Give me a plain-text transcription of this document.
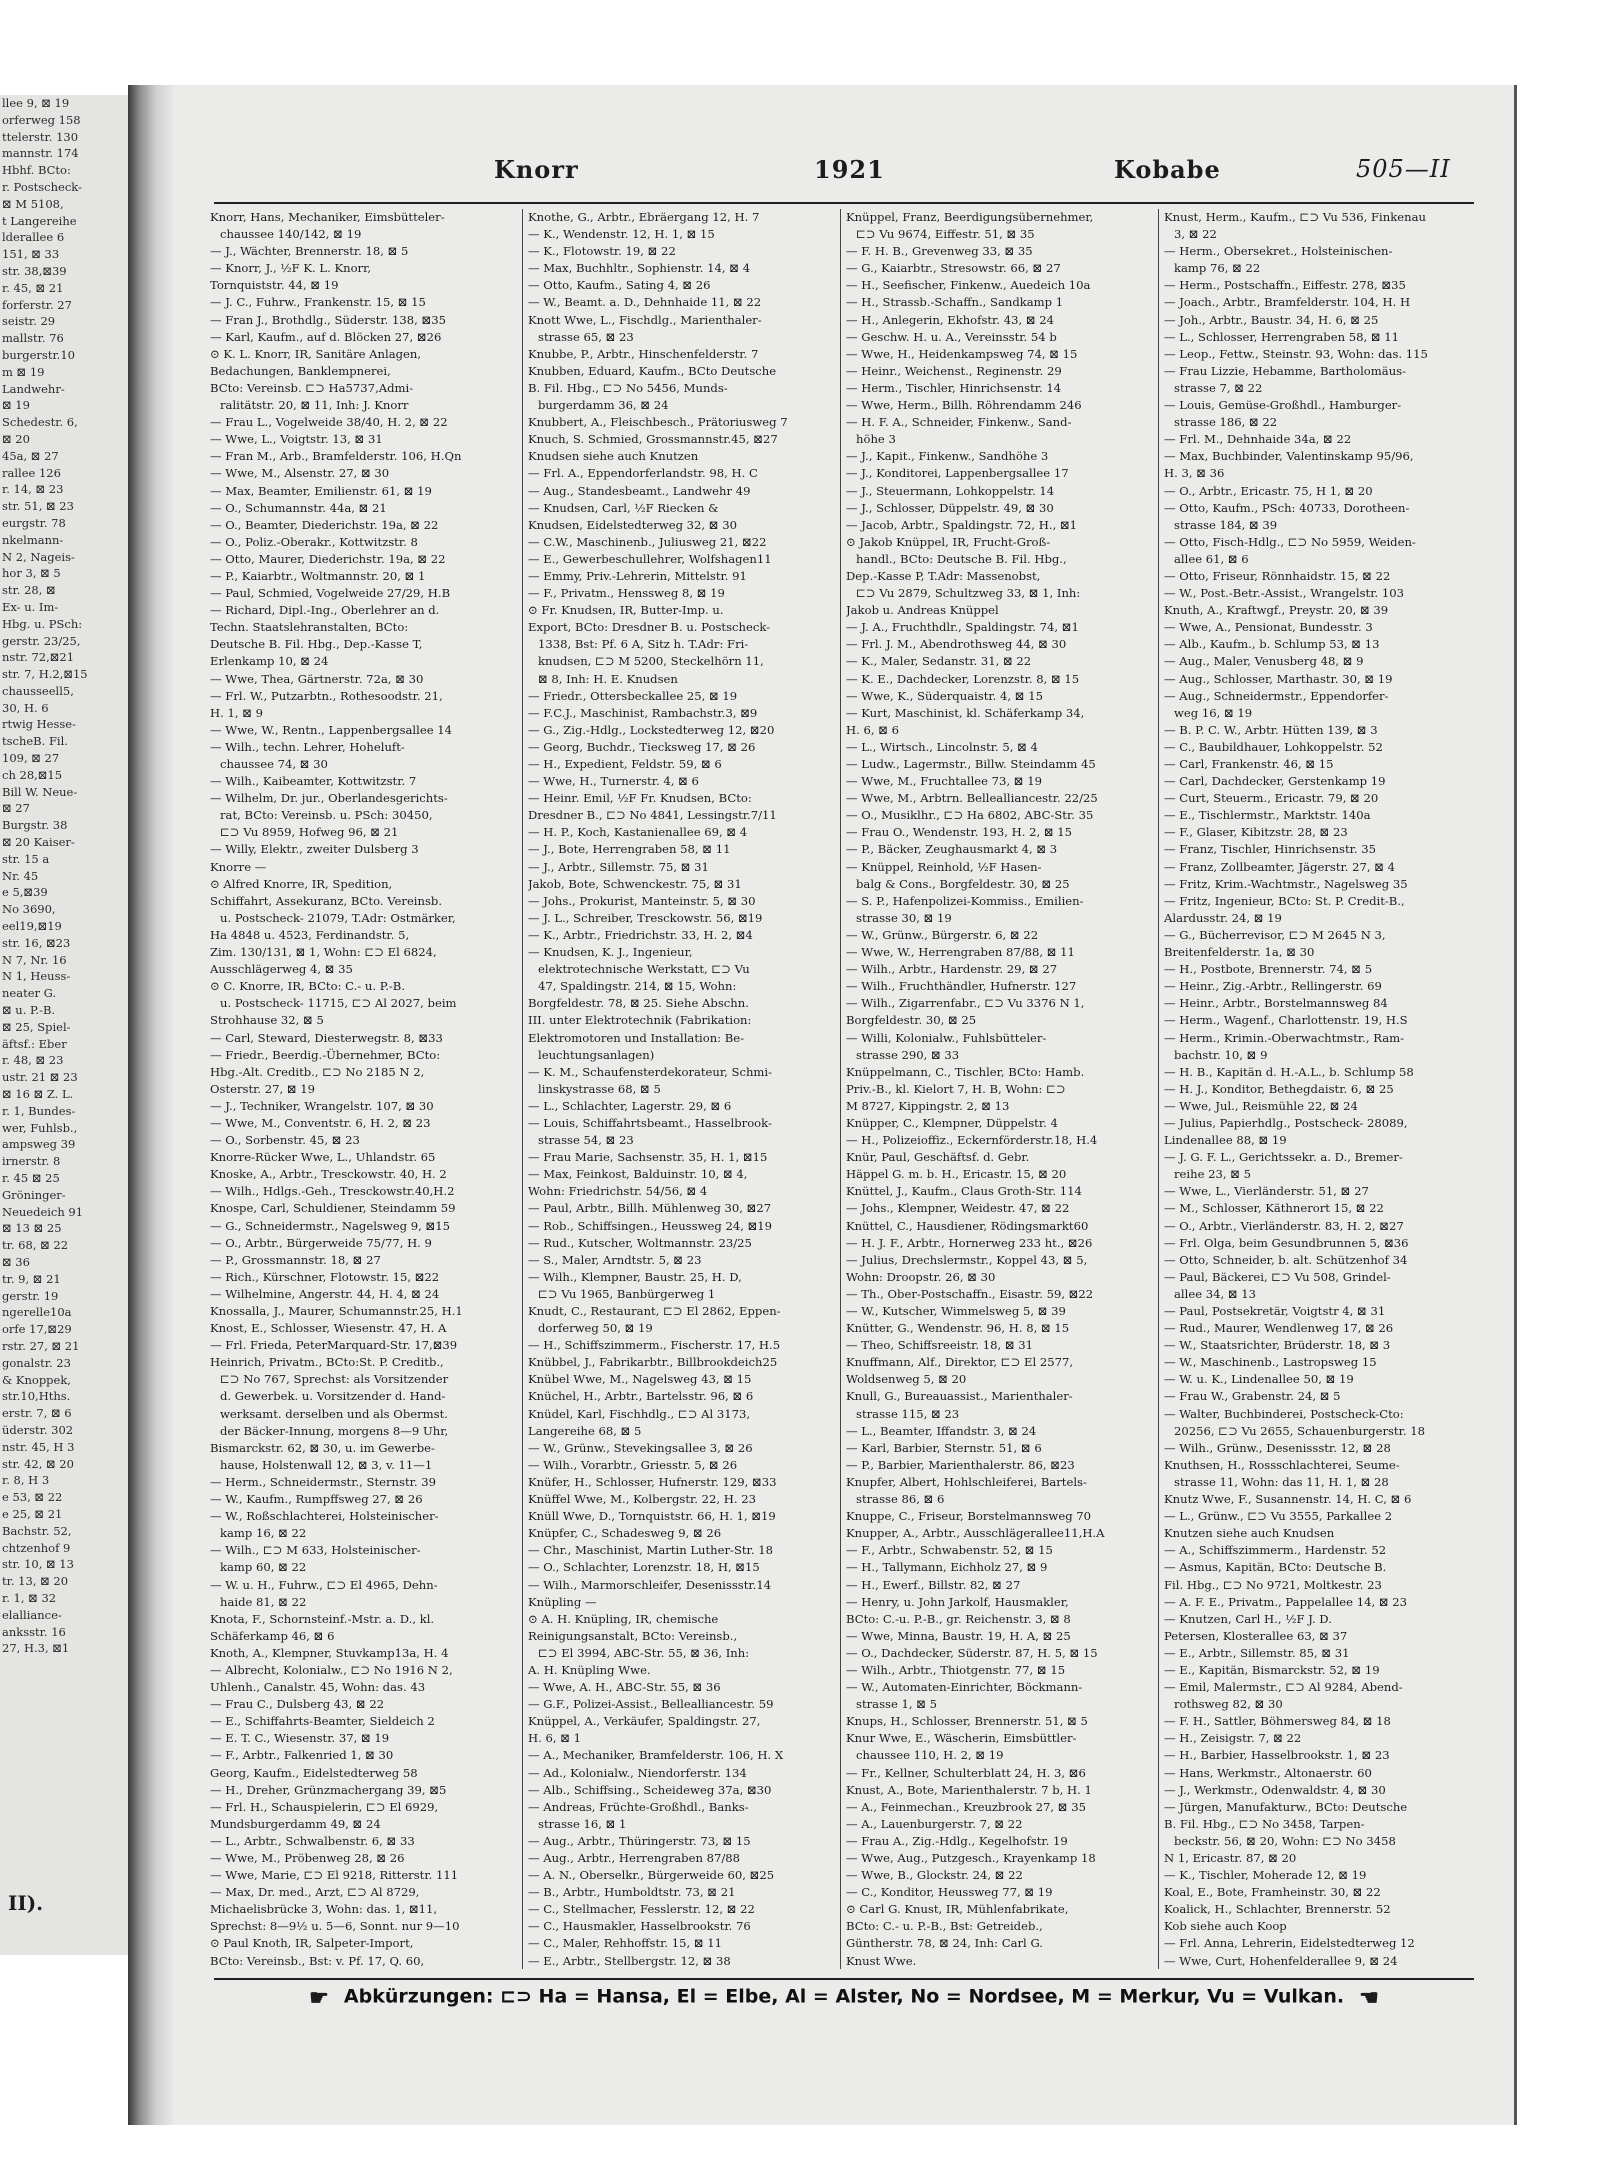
llee 9, ⊠ 19
orferweg 158
ttelerstr. 130
mannstr. 174
Hbhf. BCto:
r. Postscheck-
⊠ M 5108,
t Langereihe
lderallee 6
151, ⊠ 33
str. 38,⊠39
r. 45, ⊠ 21
forferstr. 27
seistr. 29
mallstr. 76
burgerstr.10
m ⊠ 19
Landwehr-
⊠ 19
Schedestr. 6,
⊠ 20
45a, ⊠ 27
rallee 126
r. 14, ⊠ 23
str. 51, ⊠ 23
eurgstr. 78
nkelmann-
N 2, Nageis-
hor 3, ⊠ 5
str. 28, ⊠
Ex- u. Im-
Hbg. u. PSch:
gerstr. 23/25,
nstr. 72,⊠21
str. 7, H.2,⊠15
chausseell5,
30, H. 6
rtwig Hesse-
tscheB. Fil.
109, ⊠ 27
ch 28,⊠15
Bill W. Neue-
⊠ 27
Burgstr. 38
⊠ 20 Kaiser-
str. 15 a
Nr. 45
e 5,⊠39
No 3690,
eel19,⊠19
str. 16, ⊠23
N 7, Nr. 16
N 1, Heuss-
neater G.
⊠ u. P.-B.
⊠ 25, Spiel-
äftsf.: Eber
r. 48, ⊠ 23
ustr. 21 ⊠ 23
⊠ 16 ⊠ Z. L.
r. 1, Bundes-
wer, Fuhlsb.,
ampsweg 39
irnerstr. 8
r. 45 ⊠ 25
Gröninger-
Neuedeich 91
⊠ 13 ⊠ 25
tr. 68, ⊠ 22
⊠ 36
tr. 9, ⊠ 21
gerstr. 19
ngerelle10a
orfe 17,⊠29
rstr. 27, ⊠ 21
gonalstr. 23
& Knoppek,
str.10,Hths.
erstr. 7, ⊠ 6
üderstr. 302
nstr. 45, H 3
str. 42, ⊠ 20
r. 8, H 3
e 53, ⊠ 22
e 25, ⊠ 21
Bachstr. 52,
chtzenhof 9
str. 10, ⊠ 13
tr. 13, ⊠ 20
r. 1, ⊠ 32
elalliance-
anksstr. 16
27, H.3, ⊠1
II).
Knorr	1921	Kobabe	505—II
Knorr, Hans, Mechaniker, Eimsbütteler-
chaussee 140/142, ⊠ 19
— J., Wächter, Brennerstr. 18, ⊠ 5
— Knorr, J., ½F K. L. Knorr,
Tornquiststr. 44, ⊠ 19
— J. C., Fuhrw., Frankenstr. 15, ⊠ 15
— Fran J., Brothdlg., Süderstr. 138, ⊠35
— Karl, Kaufm., auf d. Blöcken 27, ⊠26
⊙ K. L. Knorr, IR, Sanitäre Anlagen,
Bedachungen, Banklempnerei,
BCto: Vereinsb. ⊏⊃ Ha5737,Admi-
ralitätstr. 20, ⊠ 11, Inh: J. Knorr
— Frau L., Vogelweide 38/40, H. 2, ⊠ 22
— Wwe, L., Voigtstr. 13, ⊠ 31
— Fran M., Arb., Bramfelderstr. 106, H.Qn
— Wwe, M., Alsenstr. 27, ⊠ 30
— Max, Beamter, Emilienstr. 61, ⊠ 19
— O., Schumannstr. 44a, ⊠ 21
— O., Beamter, Diederichstr. 19a, ⊠ 22
— O., Poliz.-Oberakr., Kottwitzstr. 8
— Otto, Maurer, Diederichstr. 19a, ⊠ 22
— P., Kaiarbtr., Woltmannstr. 20, ⊠ 1
— Paul, Schmied, Vogelweide 27/29, H.B
— Richard, Dipl.-Ing., Oberlehrer an d.
Techn. Staatslehranstalten, BCto:
Deutsche B. Fil. Hbg., Dep.-Kasse T,
Erlenkamp 10, ⊠ 24
— Wwe, Thea, Gärtnerstr. 72a, ⊠ 30
— Frl. W., Putzarbtn., Rothesoodstr. 21,
H. 1, ⊠ 9
— Wwe, W., Rentn., Lappenbergsallee 14
— Wilh., techn. Lehrer, Hoheluft-
chaussee 74, ⊠ 30
— Wilh., Kaibeamter, Kottwitzstr. 7
— Wilhelm, Dr. jur., Oberlandesgerichts-
rat, BCto: Vereinsb. u. PSch: 30450,
⊏⊃ Vu 8959, Hofweg 96, ⊠ 21
— Willy, Elektr., zweiter Dulsberg 3
Knorre —
⊙ Alfred Knorre, IR, Spedition,
Schiffahrt, Assekuranz, BCto. Vereinsb.
u. Postscheck- 21079, T.Adr: Ostmärker,
Ha 4848 u. 4523, Ferdinandstr. 5,
Zim. 130/131, ⊠ 1, Wohn: ⊏⊃ El 6824,
Ausschlägerweg 4, ⊠ 35
⊙ C. Knorre, IR, BCto: C.- u. P.-B.
u. Postscheck- 11715, ⊏⊃ Al 2027, beim
Strohhause 32, ⊠ 5
— Carl, Steward, Diesterwegstr. 8, ⊠33
— Friedr., Beerdig.-Übernehmer, BCto:
Hbg.-Alt. Creditb., ⊏⊃ No 2185 N 2,
Osterstr. 27, ⊠ 19
— J., Techniker, Wrangelstr. 107, ⊠ 30
— Wwe, M., Conventstr. 6, H. 2, ⊠ 23
— O., Sorbenstr. 45, ⊠ 23
Knorre-Rücker Wwe, L., Uhlandstr. 65
Knoske, A., Arbtr., Tresckowstr. 40, H. 2
— Wilh., Hdlgs.-Geh., Tresckowstr.40,H.2
Knospe, Carl, Schuldiener, Steindamm 59
— G., Schneidermstr., Nagelsweg 9, ⊠15
— O., Arbtr., Bürgerweide 75/77, H. 9
— P., Grossmannstr. 18, ⊠ 27
— Rich., Kürschner, Flotowstr. 15, ⊠22
— Wilhelmine, Angerstr. 44, H. 4, ⊠ 24
Knossalla, J., Maurer, Schumannstr.25, H.1
Knost, E., Schlosser, Wiesenstr. 47, H. A
— Frl. Frieda, PeterMarquard-Str. 17,⊠39
Heinrich, Privatm., BCto:St. P. Creditb.,
⊏⊃ No 767, Sprechst: als Vorsitzender
d. Gewerbek. u. Vorsitzender d. Hand-
werksamt. derselben und als Obermst.
der Bäcker-Innung, morgens 8—9 Uhr,
Bismarckstr. 62, ⊠ 30, u. im Gewerbe-
hause, Holstenwall 12, ⊠ 3, v. 11—1
— Herm., Schneidermstr., Sternstr. 39
— W., Kaufm., Rumpffsweg 27, ⊠ 26
— W., Roßschlachterei, Holsteinischer-
kamp 16, ⊠ 22
— Wilh., ⊏⊃ M 633, Holsteinischer-
kamp 60, ⊠ 22
— W. u. H., Fuhrw., ⊏⊃ El 4965, Dehn-
haide 81, ⊠ 22
Knota, F., Schornsteinf.-Mstr. a. D., kl.
Schäferkamp 46, ⊠ 6
Knoth, A., Klempner, Stuvkamp13a, H. 4
— Albrecht, Kolonialw., ⊏⊃ No 1916 N 2,
Uhlenh., Canalstr. 45, Wohn: das. 43
— Frau C., Dulsberg 43, ⊠ 22
— E., Schiffahrts-Beamter, Sieldeich 2
— E. T. C., Wiesenstr. 37, ⊠ 19
— F., Arbtr., Falkenried 1, ⊠ 30
Georg, Kaufm., Eidelstedterweg 58
— H., Dreher, Grünzmachergang 39, ⊠5
— Frl. H., Schauspielerin, ⊏⊃ El 6929,
Mundsburgerdamm 49, ⊠ 24
— L., Arbtr., Schwalbenstr. 6, ⊠ 33
— Wwe, M., Pröbenweg 28, ⊠ 26
— Wwe, Marie, ⊏⊃ El 9218, Ritterstr. 111
— Max, Dr. med., Arzt, ⊏⊃ Al 8729,
Michaelisbrücke 3, Wohn: das. 1, ⊠11,
Sprechst: 8—9½ u. 5—6, Sonnt. nur 9—10
⊙ Paul Knoth, IR, Salpeter-Import,
BCto: Vereinsb., Bst: v. Pf. 17, Q. 60,
Knothe, G., Arbtr., Ebräergang 12, H. 7
— K., Wendenstr. 12, H. 1, ⊠ 15
— K., Flotowstr. 19, ⊠ 22
— Max, Buchhltr., Sophienstr. 14, ⊠ 4
— Otto, Kaufm., Sating 4, ⊠ 26
— W., Beamt. a. D., Dehnhaide 11, ⊠ 22
Knott Wwe, L., Fischdlg., Marienthaler-
strasse 65, ⊠ 23
Knubbe, P., Arbtr., Hinschenfelderstr. 7
Knubben, Eduard, Kaufm., BCto Deutsche
B. Fil. Hbg., ⊏⊃ No 5456, Munds-
burgerdamm 36, ⊠ 24
Knubbert, A., Fleischbesch., Prätoriusweg 7
Knuch, S. Schmied, Grossmannstr.45, ⊠27
Knudsen siehe auch Knutzen
— Frl. A., Eppendorferlandstr. 98, H. C
— Aug., Standesbeamt., Landwehr 49
— Knudsen, Carl, ½F Riecken &
Knudsen, Eidelstedterweg 32, ⊠ 30
— C.W., Maschinenb., Juliusweg 21, ⊠22
— E., Gewerbeschullehrer, Wolfshagen11
— Emmy, Priv.-Lehrerin, Mittelstr. 91
— F., Privatm., Henssweg 8, ⊠ 19
⊙ Fr. Knudsen, IR, Butter-Imp. u.
Export, BCto: Dresdner B. u. Postscheck-
1338, Bst: Pf. 6 A, Sitz h. T.Adr: Fri-
knudsen, ⊏⊃ M 5200, Steckelhörn 11,
⊠ 8, Inh: H. E. Knudsen
— Friedr., Ottersbeckallee 25, ⊠ 19
— F.C.J., Maschinist, Rambachstr.3, ⊠9
— G., Zig.-Hdlg., Lockstedterweg 12, ⊠20
— Georg, Buchdr., Tiecksweg 17, ⊠ 26
— H., Expedient, Feldstr. 59, ⊠ 6
— Wwe, H., Turnerstr. 4, ⊠ 6
— Heinr. Emil, ½F Fr. Knudsen, BCto:
Dresdner B., ⊏⊃ No 4841, Lessingstr.7/11
— H. P., Koch, Kastanienallee 69, ⊠ 4
— J., Bote, Herrengraben 58, ⊠ 11
— J., Arbtr., Sillemstr. 75, ⊠ 31
Jakob, Bote, Schwenckestr. 75, ⊠ 31
— Johs., Prokurist, Manteinstr. 5, ⊠ 30
— J. L., Schreiber, Tresckowstr. 56, ⊠19
— K., Arbtr., Friedrichstr. 33, H. 2, ⊠4
— Knudsen, K. J., Ingenieur,
elektrotechnische Werkstatt, ⊏⊃ Vu
47, Spaldingstr. 214, ⊠ 15, Wohn:
Borgfeldestr. 78, ⊠ 25. Siehe Abschn.
III. unter Elektrotechnik (Fabrikation:
Elektromotoren und Installation: Be-
leuchtungsanlagen)
— K. M., Schaufensterdekorateur, Schmi-
linskystrasse 68, ⊠ 5
— L., Schlachter, Lagerstr. 29, ⊠ 6
— Louis, Schiffahrtsbeamt., Hasselbrook-
strasse 54, ⊠ 23
— Frau Marie, Sachsenstr. 35, H. 1, ⊠15
— Max, Feinkost, Balduinstr. 10, ⊠ 4,
Wohn: Friedrichstr. 54/56, ⊠ 4
— Paul, Arbtr., Billh. Mühlenweg 30, ⊠27
— Rob., Schiffsingen., Heussweg 24, ⊠19
— Rud., Kutscher, Woltmannstr. 23/25
— S., Maler, Arndtstr. 5, ⊠ 23
— Wilh., Klempner, Baustr. 25, H. D,
⊏⊃ Vu 1965, Banbürgerweg 1
Knudt, C., Restaurant, ⊏⊃ El 2862, Eppen-
dorferweg 50, ⊠ 19
— H., Schiffszimmerm., Fischerstr. 17, H.5
Knübbel, J., Fabrikarbtr., Billbrookdeich25
Knübel Wwe, M., Nagelsweg 43, ⊠ 15
Knüchel, H., Arbtr., Bartelsstr. 96, ⊠ 6
Knüdel, Karl, Fischhdlg., ⊏⊃ Al 3173,
Langereihe 68, ⊠ 5
— W., Grünw., Stevekingsallee 3, ⊠ 26
— Wilh., Vorarbtr., Griesstr. 5, ⊠ 26
Knüfer, H., Schlosser, Hufnerstr. 129, ⊠33
Knüffel Wwe, M., Kolbergstr. 22, H. 23
Knüll Wwe, D., Tornquiststr. 66, H. 1, ⊠19
Knüpfer, C., Schadesweg 9, ⊠ 26
— Chr., Maschinist, Martin Luther-Str. 18
— O., Schlachter, Lorenzstr. 18, H, ⊠15
— Wilh., Marmorschleifer, Desenissstr.14
Knüpling —
⊙ A. H. Knüpling, IR, chemische
Reinigungsanstalt, BCto: Vereinsb.,
⊏⊃ El 3994, ABC-Str. 55, ⊠ 36, Inh:
A. H. Knüpling Wwe.
— Wwe, A. H., ABC-Str. 55, ⊠ 36
— G.F., Polizei-Assist., Bellealliancestr. 59
Knüppel, A., Verkäufer, Spaldingstr. 27,
H. 6, ⊠ 1
— A., Mechaniker, Bramfelderstr. 106, H. X
— Ad., Kolonialw., Niendorferstr. 134
— Alb., Schiffsing., Scheideweg 37a, ⊠30
— Andreas, Früchte-Großhdl., Banks-
strasse 16, ⊠ 1
— Aug., Arbtr., Thüringerstr. 73, ⊠ 15
— Aug., Arbtr., Herrengraben 87/88
— A. N., Oberselkr., Bürgerweide 60, ⊠25
— B., Arbtr., Humboldtstr. 73, ⊠ 21
— C., Stellmacher, Fesslerstr. 12, ⊠ 22
— C., Hausmakler, Hasselbrookstr. 76
— C., Maler, Rehhoffstr. 15, ⊠ 11
— E., Arbtr., Stellbergstr. 12, ⊠ 38
Knüppel, Franz, Beerdigungsübernehmer,
⊏⊃ Vu 9674, Eiffestr. 51, ⊠ 35
— F. H. B., Grevenweg 33, ⊠ 35
— G., Kaiarbtr., Stresowstr. 66, ⊠ 27
— H., Seefischer, Finkenw., Auedeich 10a
— H., Strassb.-Schaffn., Sandkamp 1
— H., Anlegerin, Ekhofstr. 43, ⊠ 24
— Geschw. H. u. A., Vereinsstr. 54 b
— Wwe, H., Heidenkampsweg 74, ⊠ 15
— Heinr., Weichenst., Reginenstr. 29
— Herm., Tischler, Hinrichsenstr. 14
— Wwe, Herm., Billh. Röhrendamm 246
— H. F. A., Schneider, Finkenw., Sand-
höhe 3
— J., Kapit., Finkenw., Sandhöhe 3
— J., Konditorei, Lappenbergsallee 17
— J., Steuermann, Lohkoppelstr. 14
— J., Schlosser, Düppelstr. 49, ⊠ 30
— Jacob, Arbtr., Spaldingstr. 72, H., ⊠1
⊙ Jakob Knüppel, IR, Frucht-Groß-
handl., BCto: Deutsche B. Fil. Hbg.,
Dep.-Kasse P, T.Adr: Massenobst,
⊏⊃ Vu 2879, Schultzweg 33, ⊠ 1, Inh:
Jakob u. Andreas Knüppel
— J. A., Fruchthdlr., Spaldingstr. 74, ⊠1
— Frl. J. M., Abendrothsweg 44, ⊠ 30
— K., Maler, Sedanstr. 31, ⊠ 22
— K. E., Dachdecker, Lorenzstr. 8, ⊠ 15
— Wwe, K., Süderquaistr. 4, ⊠ 15
— Kurt, Maschinist, kl. Schäferkamp 34,
H. 6, ⊠ 6
— L., Wirtsch., Lincolnstr. 5, ⊠ 4
— Ludw., Lagermstr., Billw. Steindamm 45
— Wwe, M., Fruchtallee 73, ⊠ 19
— Wwe, M., Arbtrn. Bellealliancestr. 22/25
— O., Musiklhr., ⊏⊃ Ha 6802, ABC-Str. 35
— Frau O., Wendenstr. 193, H. 2, ⊠ 15
— P., Bäcker, Zeughausmarkt 4, ⊠ 3
— Knüppel, Reinhold, ½F Hasen-
balg & Cons., Borgfeldestr. 30, ⊠ 25
— S. P., Hafenpolizei-Kommiss., Emilien-
strasse 30, ⊠ 19
— W., Grünw., Bürgerstr. 6, ⊠ 22
— Wwe, W., Herrengraben 87/88, ⊠ 11
— Wilh., Arbtr., Hardenstr. 29, ⊠ 27
— Wilh., Fruchthändler, Hufnerstr. 127
— Wilh., Zigarrenfabr., ⊏⊃ Vu 3376 N 1,
Borgfeldestr. 30, ⊠ 25
— Willi, Kolonialw., Fuhlsbütteler-
strasse 290, ⊠ 33
Knüppelmann, C., Tischler, BCto: Hamb.
Priv.-B., kl. Kielort 7, H. B, Wohn: ⊏⊃
M 8727, Kippingstr. 2, ⊠ 13
Knüpper, C., Klempner, Düppelstr. 4
— H., Polizeioffiz., Eckernförderstr.18, H.4
Knür, Paul, Geschäftsf. d. Gebr.
Häppel G. m. b. H., Ericastr. 15, ⊠ 20
Knüttel, J., Kaufm., Claus Groth-Str. 114
— Johs., Klempner, Weidestr. 47, ⊠ 22
Knüttel, C., Hausdiener, Rödingsmarkt60
— H. J. F., Arbtr., Hornerweg 233 ht., ⊠26
— Julius, Drechslermstr., Koppel 43, ⊠ 5,
Wohn: Droopstr. 26, ⊠ 30
— Th., Ober-Postschaffn., Eisastr. 59, ⊠22
— W., Kutscher, Wimmelsweg 5, ⊠ 39
Knütter, G., Wendenstr. 96, H. 8, ⊠ 15
— Theo, Schiffsreeistr. 18, ⊠ 31
Knuffmann, Alf., Direktor, ⊏⊃ El 2577,
Woldsenweg 5, ⊠ 20
Knull, G., Bureauassist., Marienthaler-
strasse 115, ⊠ 23
— L., Beamter, Iffandstr. 3, ⊠ 24
— Karl, Barbier, Sternstr. 51, ⊠ 6
— P., Barbier, Marienthalerstr. 86, ⊠23
Knupfer, Albert, Hohlschleiferei, Bartels-
strasse 86, ⊠ 6
Knuppe, C., Friseur, Borstelmannsweg 70
Knupper, A., Arbtr., Ausschlägerallee11,H.A
— F., Arbtr., Schwabenstr. 52, ⊠ 15
— H., Tallymann, Eichholz 27, ⊠ 9
— H., Ewerf., Billstr. 82, ⊠ 27
— Henry, u. John Jarkolf, Hausmakler,
BCto: C.-u. P.-B., gr. Reichenstr. 3, ⊠ 8
— Wwe, Minna, Baustr. 19, H. A, ⊠ 25
— O., Dachdecker, Süderstr. 87, H. 5, ⊠ 15
— Wilh., Arbtr., Thiotgenstr. 77, ⊠ 15
— W., Automaten-Einrichter, Böckmann-
strasse 1, ⊠ 5
Knups, H., Schlosser, Brennerstr. 51, ⊠ 5
Knur Wwe, E., Wäscherin, Eimsbüttler-
chaussee 110, H. 2, ⊠ 19
— Fr., Kellner, Schulterblatt 24, H. 3, ⊠6
Knust, A., Bote, Marienthalerstr. 7 b, H. 1
— A., Feinmechan., Kreuzbrook 27, ⊠ 35
— A., Lauenburgerstr. 7, ⊠ 22
— Frau A., Zig.-Hdlg., Kegelhofstr. 19
— Wwe, Aug., Putzgesch., Krayenkamp 18
— Wwe, B., Glockstr. 24, ⊠ 22
— C., Konditor, Heussweg 77, ⊠ 19
⊙ Carl G. Knust, IR, Mühlenfabrikate,
BCto: C.- u. P.-B., Bst: Getreideb.,
Güntherstr. 78, ⊠ 24, Inh: Carl G.
Knust Wwe.
Knust, Herm., Kaufm., ⊏⊃ Vu 536, Finkenau
3, ⊠ 22
— Herm., Obersekret., Holsteinischen-
kamp 76, ⊠ 22
— Herm., Postschaffn., Eiffestr. 278, ⊠35
— Joach., Arbtr., Bramfelderstr. 104, H. H
— Joh., Arbtr., Baustr. 34, H. 6, ⊠ 25
— L., Schlosser, Herrengraben 58, ⊠ 11
— Leop., Fettw., Steinstr. 93, Wohn: das. 115
— Frau Lizzie, Hebamme, Bartholomäus-
strasse 7, ⊠ 22
— Louis, Gemüse-Großhdl., Hamburger-
strasse 186, ⊠ 22
— Frl. M., Dehnhaide 34a, ⊠ 22
— Max, Buchbinder, Valentinskamp 95/96,
H. 3, ⊠ 36
— O., Arbtr., Ericastr. 75, H 1, ⊠ 20
— Otto, Kaufm., PSch: 40733, Dorotheen-
strasse 184, ⊠ 39
— Otto, Fisch-Hdlg., ⊏⊃ No 5959, Weiden-
allee 61, ⊠ 6
— Otto, Friseur, Rönnhaidstr. 15, ⊠ 22
— W., Post.-Betr.-Assist., Wrangelstr. 103
Knuth, A., Kraftwgf., Preystr. 20, ⊠ 39
— Wwe, A., Pensionat, Bundesstr. 3
— Alb., Kaufm., b. Schlump 53, ⊠ 13
— Aug., Maler, Venusberg 48, ⊠ 9
— Aug., Schlosser, Marthastr. 30, ⊠ 19
— Aug., Schneidermstr., Eppendorfer-
weg 16, ⊠ 19
— B. P. C. W., Arbtr. Hütten 139, ⊠ 3
— C., Baubildhauer, Lohkoppelstr. 52
— Carl, Frankenstr. 46, ⊠ 15
— Carl, Dachdecker, Gerstenkamp 19
— Curt, Steuerm., Ericastr. 79, ⊠ 20
— E., Tischlermstr., Marktstr. 140a
— F., Glaser, Kibitzstr. 28, ⊠ 23
— Franz, Tischler, Hinrichsenstr. 35
— Franz, Zollbeamter, Jägerstr. 27, ⊠ 4
— Fritz, Krim.-Wachtmstr., Nagelsweg 35
— Fritz, Ingenieur, BCto: St. P. Credit-B.,
Alardusstr. 24, ⊠ 19
— G., Bücherrevisor, ⊏⊃ M 2645 N 3,
Breitenfelderstr. 1a, ⊠ 30
— H., Postbote, Brennerstr. 74, ⊠ 5
— Heinr., Zig.-Arbtr., Rellingerstr. 69
— Heinr., Arbtr., Borstelmannsweg 84
— Herm., Wagenf., Charlottenstr. 19, H.S
— Herm., Krimin.-Oberwachtmstr., Ram-
bachstr. 10, ⊠ 9
— H. B., Kapitän d. H.-A.L., b. Schlump 58
— H. J., Konditor, Bethegdaistr. 6, ⊠ 25
— Wwe, Jul., Reismühle 22, ⊠ 24
— Julius, Papierhdlg., Postscheck- 28089,
Lindenallee 88, ⊠ 19
— J. G. F. L., Gerichtssekr. a. D., Bremer-
reihe 23, ⊠ 5
— Wwe, L., Vierländerstr. 51, ⊠ 27
— M., Schlosser, Käthnerort 15, ⊠ 22
— O., Arbtr., Vierländerstr. 83, H. 2, ⊠27
— Frl. Olga, beim Gesundbrunnen 5, ⊠36
— Otto, Schneider, b. alt. Schützenhof 34
— Paul, Bäckerei, ⊏⊃ Vu 508, Grindel-
allee 34, ⊠ 13
— Paul, Postsekretär, Voigtstr 4, ⊠ 31
— Rud., Maurer, Wendlenweg 17, ⊠ 26
— W., Staatsrichter, Brüderstr. 18, ⊠ 3
— W., Maschinenb., Lastropsweg 15
— W. u. K., Lindenallee 50, ⊠ 19
— Frau W., Grabenstr. 24, ⊠ 5
— Walter, Buchbinderei, Postscheck-Cto:
20256, ⊏⊃ Vu 2655, Schauenburgerstr. 18
— Wilh., Grünw., Desenissstr. 12, ⊠ 28
Knuthsen, H., Rossschlachterei, Seume-
strasse 11, Wohn: das 11, H. 1, ⊠ 28
Knutz Wwe, F., Susannenstr. 14, H. C, ⊠ 6
— L., Grünw., ⊏⊃ Vu 3555, Parkallee 2
Knutzen siehe auch Knudsen
— A., Schiffszimmerm., Hardenstr. 52
— Asmus, Kapitän, BCto: Deutsche B.
Fil. Hbg., ⊏⊃ No 9721, Moltkestr. 23
— A. F. E., Privatm., Pappelallee 14, ⊠ 23
— Knutzen, Carl H., ½F J. D.
Petersen, Klosterallee 63, ⊠ 37
— E., Arbtr., Sillemstr. 85, ⊠ 31
— E., Kapitän, Bismarckstr. 52, ⊠ 19
— Emil, Malermstr., ⊏⊃ Al 9284, Abend-
rothsweg 82, ⊠ 30
— F. H., Sattler, Böhmersweg 84, ⊠ 18
— H., Zeisigstr. 7, ⊠ 22
— H., Barbier, Hasselbrookstr. 1, ⊠ 23
— Hans, Werkmstr., Altonaerstr. 60
— J., Werkmstr., Odenwaldstr. 4, ⊠ 30
— Jürgen, Manufakturw., BCto: Deutsche
B. Fil. Hbg., ⊏⊃ No 3458, Tarpen-
beckstr. 56, ⊠ 20, Wohn: ⊏⊃ No 3458
N 1, Ericastr. 87, ⊠ 20
— K., Tischler, Moherade 12, ⊠ 19
Koal, E., Bote, Framheinstr. 30, ⊠ 22
Koalick, H., Schlachter, Brennerstr. 52
Kob siehe auch Koop
— Frl. Anna, Lehrerin, Eidelstedterweg 12
— Wwe, Curt, Hohenfelderallee 9, ⊠ 24
☛ Abkürzungen: ⊏⊃ Ha = Hansa, El = Elbe, Al = Alster, No = Nordsee, M = Merkur, Vu = Vulkan. ☚
